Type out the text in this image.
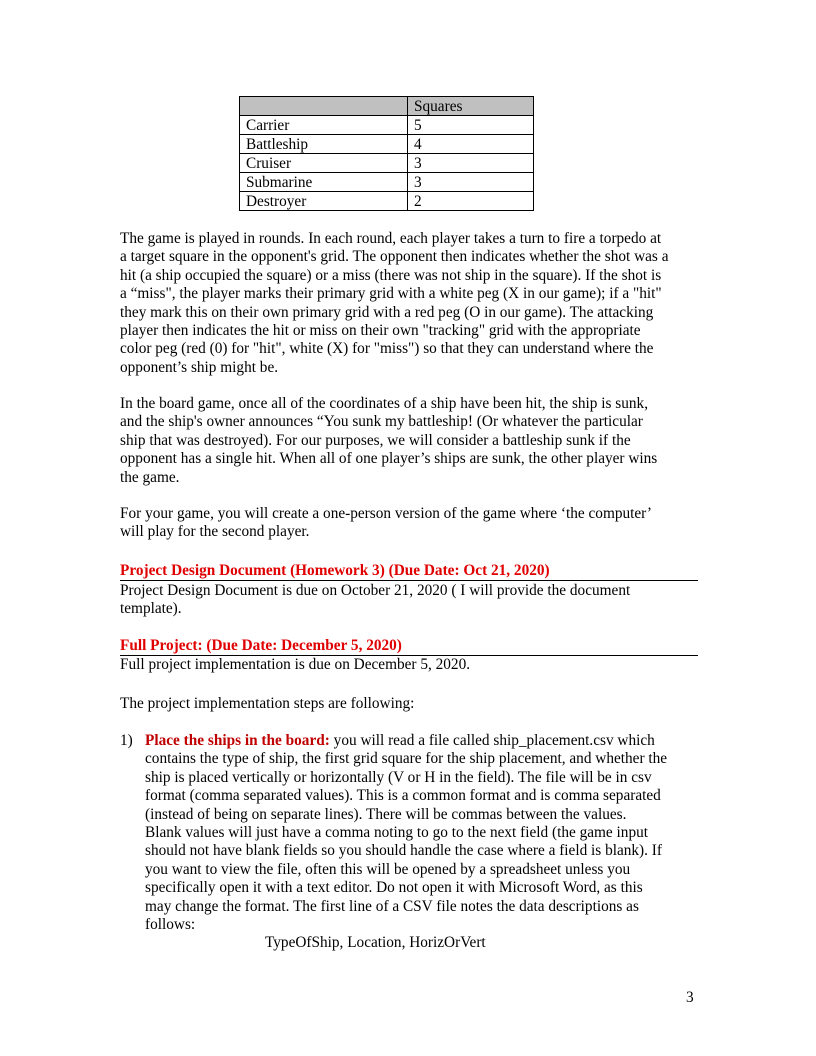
	Squares
Carrier	5
Battleship	4
Cruiser	3
Submarine	3
Destroyer	2
The game is played in rounds. In each round, each player takes a turn to fire a torpedo at
a target square in the opponent's grid. The opponent then indicates whether the shot was a
hit (a ship occupied the square) or a miss (there was not ship in the square). If the shot is
a “miss", the player marks their primary grid with a white peg (X in our game); if a "hit"
they mark this on their own primary grid with a red peg (O in our game). The attacking
player then indicates the hit or miss on their own "tracking" grid with the appropriate
color peg (red (0) for "hit", white (X) for "miss") so that they can understand where the
opponent’s ship might be.
In the board game, once all of the coordinates of a ship have been hit, the ship is sunk,
and the ship's owner announces “You sunk my battleship! (Or whatever the particular
ship that was destroyed). For our purposes, we will consider a battleship sunk if the
opponent has a single hit. When all of one player’s ships are sunk, the other player wins
the game.
For your game, you will create a one-person version of the game where ‘the computer’
will play for the second player.
Project Design Document (Homework 3) (Due Date: Oct 21, 2020)
Project Design Document is due on October 21, 2020 ( I will provide the document
template).
Full Project: (Due Date: December 5, 2020)
Full project implementation is due on December 5, 2020.
The project implementation steps are following:
1) Place the ships in the board: you will read a file called ship_placement.csv which
contains the type of ship, the first grid square for the ship placement, and whether the
ship is placed vertically or horizontally (V or H in the field). The file will be in csv
format (comma separated values). This is a common format and is comma separated
(instead of being on separate lines). There will be commas between the values.
Blank values will just have a comma noting to go to the next field (the game input
should not have blank fields so you should handle the case where a field is blank). If
you want to view the file, often this will be opened by a spreadsheet unless you
specifically open it with a text editor. Do not open it with Microsoft Word, as this
may change the format. The first line of a CSV file notes the data descriptions as
follows:
TypeOfShip, Location, HorizOrVert
3
